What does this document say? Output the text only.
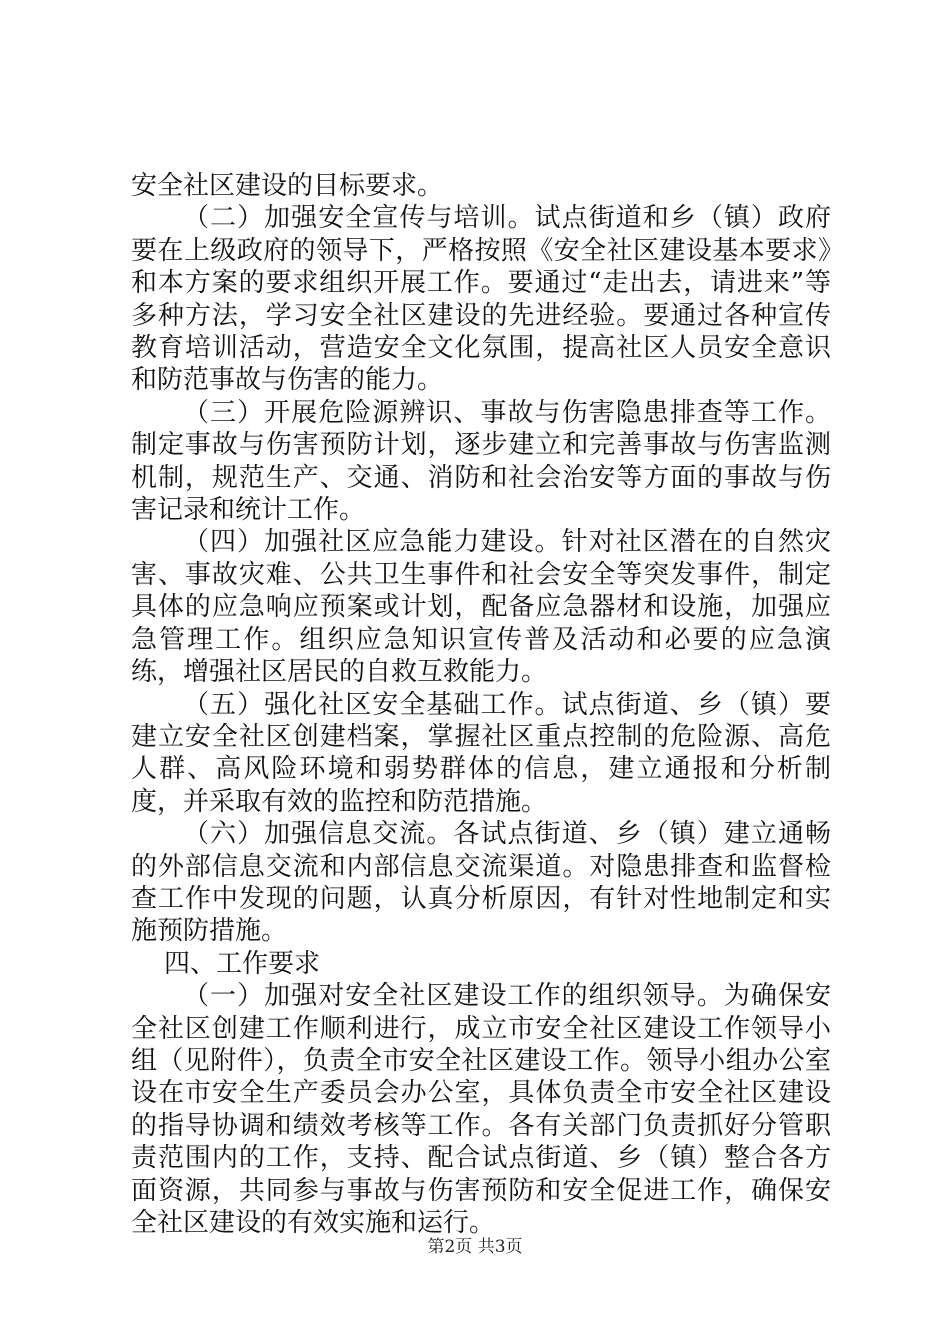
安全社区建设的目标要求。

（二）加强安全宣传与培训。试点街道和乡（镇）政府要在上级政府的领导下，严格按照《安全社区建设基本要求》和本方案的要求组织开展工作。要通过“走出去，请进来”等多种方法，学习安全社区建设的先进经验。要通过各种宣传教育培训活动，营造安全文化氛围，提高社区人员安全意识和防范事故与伤害的能力。

（三）开展危险源辨识、事故与伤害隐患排查等工作。制定事故与伤害预防计划，逐步建立和完善事故与伤害监测机制，规范生产、交通、消防和社会治安等方面的事故与伤害记录和统计工作。

（四）加强社区应急能力建设。针对社区潜在的自然灾害、事故灾难、公共卫生事件和社会安全等突发事件，制定具体的应急响应预案或计划，配备应急器材和设施，加强应急管理工作。组织应急知识宣传普及活动和必要的应急演练，增强社区居民的自救互救能力。

（五）强化社区安全基础工作。试点街道、乡（镇）要建立安全社区创建档案，掌握社区重点控制的危险源、高危人群、高风险环境和弱势群体的信息，建立通报和分析制度，并采取有效的监控和防范措施。

（六）加强信息交流。各试点街道、乡（镇）建立通畅的外部信息交流和内部信息交流渠道。对隐患排查和监督检查工作中发现的问题，认真分析原因，有针对性地制定和实施预防措施。

四、工作要求

（一）加强对安全社区建设工作的组织领导。为确保安全社区创建工作顺利进行，成立市安全社区建设工作领导小组（见附件），负责全市安全社区建设工作。领导小组办公室设在市安全生产委员会办公室，具体负责全市安全社区建设的指导协调和绩效考核等工作。各有关部门负责抓好分管职责范围内的工作，支持、配合试点街道、乡（镇）整合各方面资源，共同参与事故与伤害预防和安全促进工作，确保安全社区建设的有效实施和运行。

第2页 共3页
